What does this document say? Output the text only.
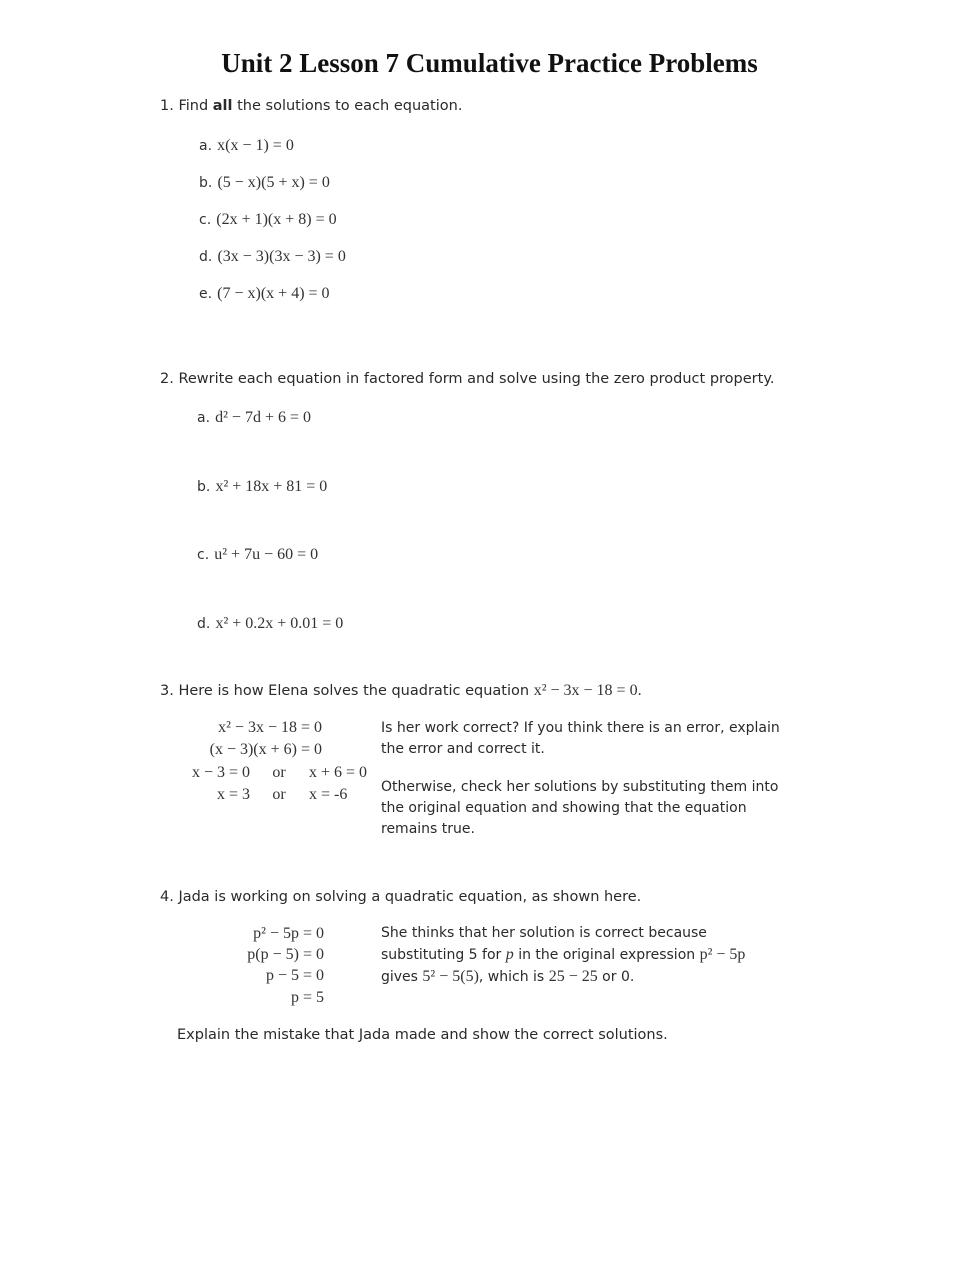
Unit 2 Lesson 7 Cumulative Practice Problems
1. Find all the solutions to each equation.
a. x(x − 1) = 0
b. (5 − x)(5 + x) = 0
c. (2x + 1)(x + 8) = 0
d. (3x − 3)(3x − 3) = 0
e. (7 − x)(x + 4) = 0
2. Rewrite each equation in factored form and solve using the zero product property.
a. d² − 7d + 6 = 0
b. x² + 18x + 81 = 0
c. u² + 7u − 60 = 0
d. x² + 0.2x + 0.01 = 0
3. Here is how Elena solves the quadratic equation x² − 3x − 18 = 0.
x² − 3x − 18 = 0
(x − 3)(x + 6) = 0
x − 3 = 0	or	x + 6 = 0
x = 3	or	x = -6
Is her work correct? If you think there is an error, explain the error and correct it.
Otherwise, check her solutions by substituting them into the original equation and showing that the equation remains true.
4. Jada is working on solving a quadratic equation, as shown here.
p² − 5p = 0
p(p − 5) = 0
p − 5 = 0
p = 5
She thinks that her solution is correct because
substituting 5 for p in the original expression p² − 5p
gives 5² − 5(5), which is 25 − 25 or 0.
Explain the mistake that Jada made and show the correct solutions.
